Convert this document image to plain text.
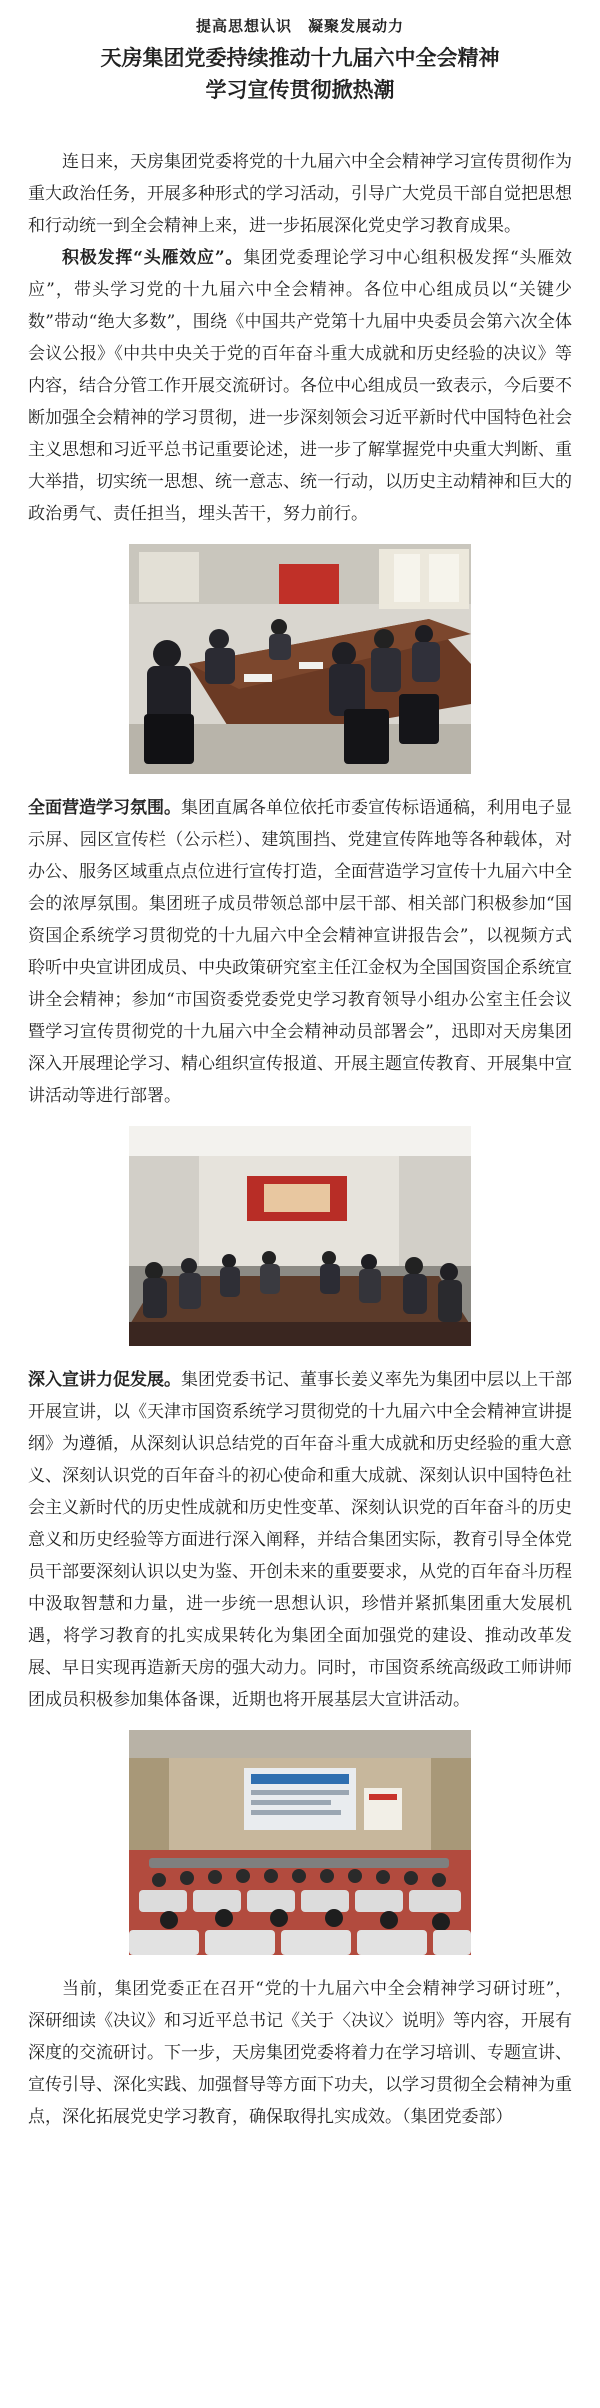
提高思想认识　凝聚发展动力

天房集团党委持续推动十九届六中全会精神
学习宣传贯彻掀热潮

连日来，天房集团党委将党的十九届六中全会精神学习宣传贯彻作为重大政治任务，开展多种形式的学习活动，引导广大党员干部自觉把思想和行动统一到全会精神上来，进一步拓展深化党史学习教育成果。

积极发挥“头雁效应”。集团党委理论学习中心组积极发挥“头雁效应”，带头学习党的十九届六中全会精神。各位中心组成员以“关键少数”带动“绝大多数”，围绕《中国共产党第十九届中央委员会第六次全体会议公报》《中共中央关于党的百年奋斗重大成就和历史经验的决议》等内容，结合分管工作开展交流研讨。各位中心组成员一致表示，今后要不断加强全会精神的学习贯彻，进一步深刻领会习近平新时代中国特色社会主义思想和习近平总书记重要论述，进一步了解掌握党中央重大判断、重大举措，切实统一思想、统一意志、统一行动，以历史主动精神和巨大的政治勇气、责任担当，埋头苦干，努力前行。

全面营造学习氛围。集团直属各单位依托市委宣传标语通稿，利用电子显示屏、园区宣传栏（公示栏）、建筑围挡、党建宣传阵地等各种载体，对办公、服务区域重点点位进行宣传打造，全面营造学习宣传十九届六中全会的浓厚氛围。集团班子成员带领总部中层干部、相关部门积极参加“国资国企系统学习贯彻党的十九届六中全会精神宣讲报告会”，以视频方式聆听中央宣讲团成员、中央政策研究室主任江金权为全国国资国企系统宣讲全会精神；参加“市国资委党委党史学习教育领导小组办公室主任会议暨学习宣传贯彻党的十九届六中全会精神动员部署会”，迅即对天房集团深入开展理论学习、精心组织宣传报道、开展主题宣传教育、开展集中宣讲活动等进行部署。

深入宣讲力促发展。集团党委书记、董事长姜义率先为集团中层以上干部开展宣讲，以《天津市国资系统学习贯彻党的十九届六中全会精神宣讲提纲》为遵循，从深刻认识总结党的百年奋斗重大成就和历史经验的重大意义、深刻认识党的百年奋斗的初心使命和重大成就、深刻认识中国特色社会主义新时代的历史性成就和历史性变革、深刻认识党的百年奋斗的历史意义和历史经验等方面进行深入阐释，并结合集团实际，教育引导全体党员干部要深刻认识以史为鉴、开创未来的重要要求，从党的百年奋斗历程中汲取智慧和力量，进一步统一思想认识，珍惜并紧抓集团重大发展机遇，将学习教育的扎实成果转化为集团全面加强党的建设、推动改革发展、早日实现再造新天房的强大动力。同时，市国资系统高级政工师讲师团成员积极参加集体备课，近期也将开展基层大宣讲活动。

当前，集团党委正在召开“党的十九届六中全会精神学习研讨班”，深研细读《决议》和习近平总书记《关于〈决议〉说明》等内容，开展有深度的交流研讨。下一步，天房集团党委将着力在学习培训、专题宣讲、宣传引导、深化实践、加强督导等方面下功夫，以学习贯彻全会精神为重点，深化拓展党史学习教育，确保取得扎实成效。（集团党委部）
